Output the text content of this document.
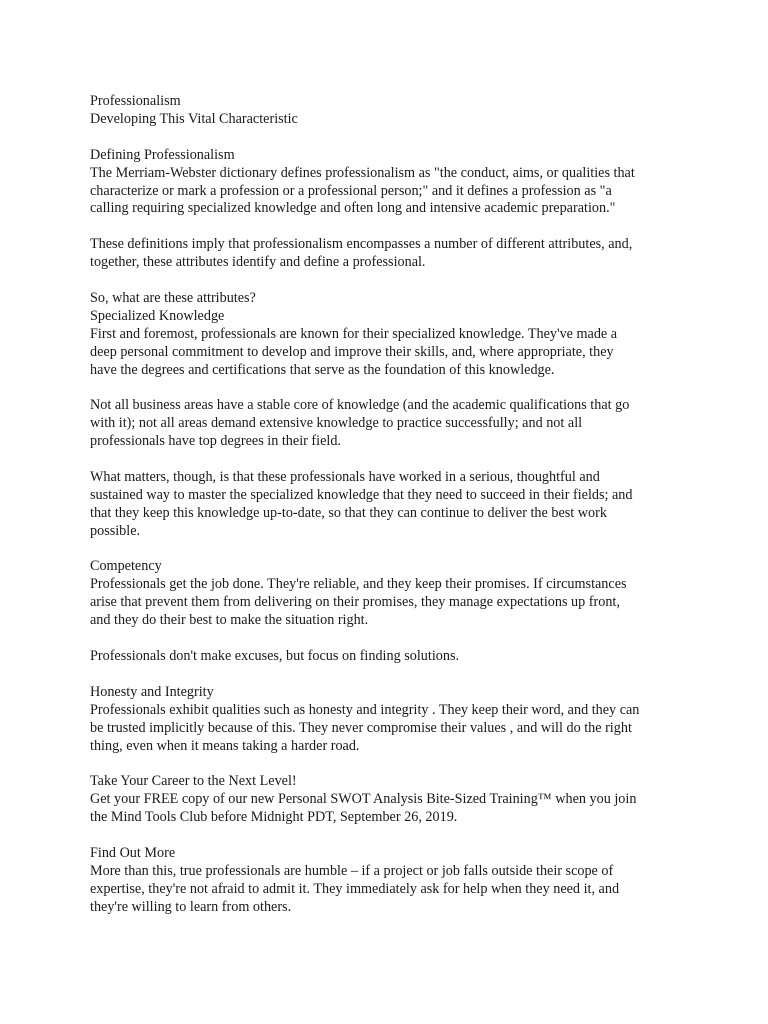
Professionalism
Developing This Vital Characteristic
Defining Professionalism
The Merriam-Webster dictionary defines professionalism as "the conduct, aims, or qualities that
characterize or mark a profession or a professional person;" and it defines a profession as "a
calling requiring specialized knowledge and often long and intensive academic preparation."
These definitions imply that professionalism encompasses a number of different attributes, and,
together, these attributes identify and define a professional.
So, what are these attributes?
Specialized Knowledge
First and foremost, professionals are known for their specialized knowledge. They've made a
deep personal commitment to develop and improve their skills, and, where appropriate, they
have the degrees and certifications that serve as the foundation of this knowledge.
Not all business areas have a stable core of knowledge (and the academic qualifications that go
with it); not all areas demand extensive knowledge to practice successfully; and not all
professionals have top degrees in their field.
What matters, though, is that these professionals have worked in a serious, thoughtful and
sustained way to master the specialized knowledge that they need to succeed in their fields; and
that they keep this knowledge up-to-date, so that they can continue to deliver the best work
possible.
Competency
Professionals get the job done. They're reliable, and they keep their promises. If circumstances
arise that prevent them from delivering on their promises, they manage expectations up front,
and they do their best to make the situation right.
Professionals don't make excuses, but focus on finding solutions.
Honesty and Integrity
Professionals exhibit qualities such as honesty and integrity . They keep their word, and they can
be trusted implicitly because of this. They never compromise their values , and will do the right
thing, even when it means taking a harder road.
Take Your Career to the Next Level!
Get your FREE copy of our new Personal SWOT Analysis Bite-Sized Training™ when you join
the Mind Tools Club before Midnight PDT, September 26, 2019.
Find Out More
More than this, true professionals are humble – if a project or job falls outside their scope of
expertise, they're not afraid to admit it. They immediately ask for help when they need it, and
they're willing to learn from others.
